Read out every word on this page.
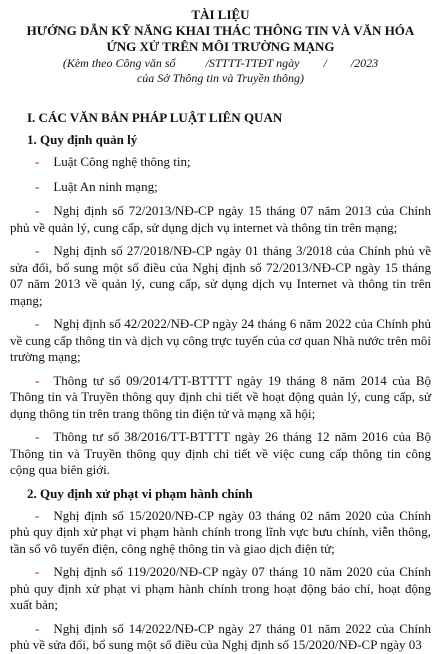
TÀI LIỆU
HƯỚNG DẪN KỸ NĂNG KHAI THÁC THÔNG TIN VÀ VĂN HÓA
ỨNG XỬ TRÊN MÔI TRƯỜNG MẠNG
(Kèm theo Công văn số          /STTTT-TTĐT ngày        /        /2023
của Sở Thông tin và Truyền thông)
I. CÁC VĂN BẢN PHÁP LUẬT LIÊN QUAN
1. Quy định quản lý

- Luật Công nghệ thông tin;

- Luật An ninh mạng;

- Nghị định số 72/2013/NĐ-CP ngày 15 tháng 07 năm 2013 của Chính phủ về quản lý, cung cấp, sử dụng dịch vụ internet và thông tin trên mạng;

- Nghị định số 27/2018/NĐ-CP ngày 01 tháng 3/2018 của Chính phủ về sửa đổi, bổ sung một số điều của Nghị định số 72/2013/NĐ-CP ngày 15 tháng 07 năm 2013 về quản lý, cung cấp, sử dụng dịch vụ Internet và thông tin trên mạng;

- Nghị định số 42/2022/NĐ-CP ngày 24 tháng 6 năm 2022 của Chính phủ về cung cấp thông tin và dịch vụ công trực tuyến của cơ quan Nhà nước trên môi trường mạng;

- Thông tư số 09/2014/TT-BTTTT ngày 19 tháng 8 năm 2014 của Bộ Thông tin và Truyền thông quy định chi tiết về hoạt động quản lý, cung cấp, sử dụng thông tin trên trang thông tin điện tử và mạng xã hội;

- Thông tư số 38/2016/TT-BTTTT ngày 26 tháng 12 năm 2016 của Bộ Thông tin và Truyền thông quy định chi tiết về việc cung cấp thông tin công cộng qua biên giới.

2. Quy định xử phạt vi phạm hành chính

- Nghị định số 15/2020/NĐ-CP ngày 03 tháng 02 năm 2020 của Chính phủ quy định xử phạt vi phạm hành chính trong lĩnh vực bưu chính, viễn thông, tần số vô tuyến điện, công nghệ thông tin và giao dịch điện tử;

- Nghị định số 119/2020/NĐ-CP ngày 07 tháng 10 năm 2020 của Chính phủ quy định xử phạt vi phạm hành chính trong hoạt động báo chí, hoạt động xuất bản;

- Nghị định số 14/2022/NĐ-CP ngày 27 tháng 01 năm 2022 của Chính phủ về sửa đổi, bổ sung một số điều của Nghị định số 15/2020/NĐ-CP ngày 03
